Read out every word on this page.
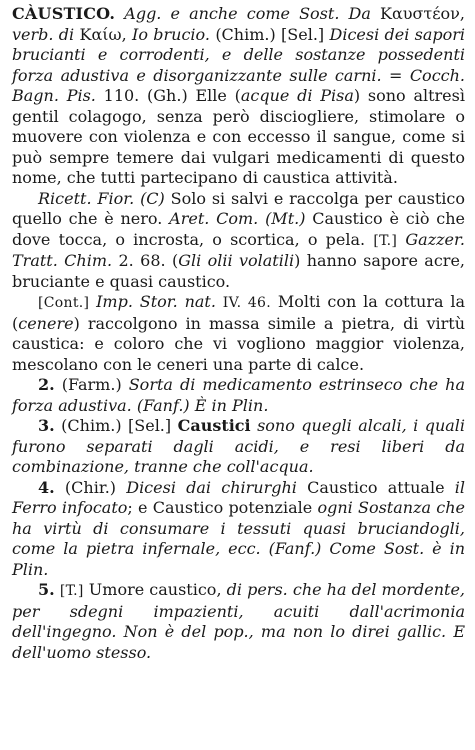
CÀUSTICO. Agg. e anche come Sost. Da Καυστέον, verb. di Καίω, Io brucio. (Chim.) [Sel.] Dicesi dei sapori brucianti e corrodenti, e delle sostanze possedenti forza adustiva e disorganizzante sulle carni. = Cocch. Bagn. Pis. 110. (Gh.) Elle (acque di Pisa) sono altresì gentil colagogo, senza però disciogliere, stimolare o muovere con violenza e con eccesso il sangue, come si può sempre temere dai vulgari medicamenti di questo nome, che tutti partecipano di caustica attività.

Ricett. Fior. (C) Solo si salvi e raccolga per caustico quello che è nero. Aret. Com. (Mt.) Caustico è ciò che dove tocca, o incrosta, o scortica, o pela. [T.] Gazzer. Tratt. Chim. 2. 68. (Gli olii volatili) hanno sapore acre, bruciante e quasi caustico.

[Cont.] Imp. Stor. nat. IV. 46. Molti con la cottura la (cenere) raccolgono in massa simile a pietra, di virtù caustica: e coloro che vi vogliono maggior violenza, mescolano con le ceneri una parte di calce.

2. (Farm.) Sorta di medicamento estrinseco che ha forza adustiva. (Fanf.) È in Plin.

3. (Chim.) [Sel.] Caustici sono quegli alcali, i quali furono separati dagli acidi, e resi liberi da combinazione, tranne che coll'acqua.

4. (Chir.) Dicesi dai chirurghi Caustico attuale il Ferro infocato; e Caustico potenziale ogni Sostanza che ha virtù di consumare i tessuti quasi bruciandogli, come la pietra infernale, ecc. (Fanf.) Come Sost. è in Plin.

5. [T.] Umore caustico, di pers. che ha del mordente, per sdegni impazienti, acuiti dall'acrimonia dell'ingegno. Non è del pop., ma non lo direi gallic. E dell'uomo stesso.
